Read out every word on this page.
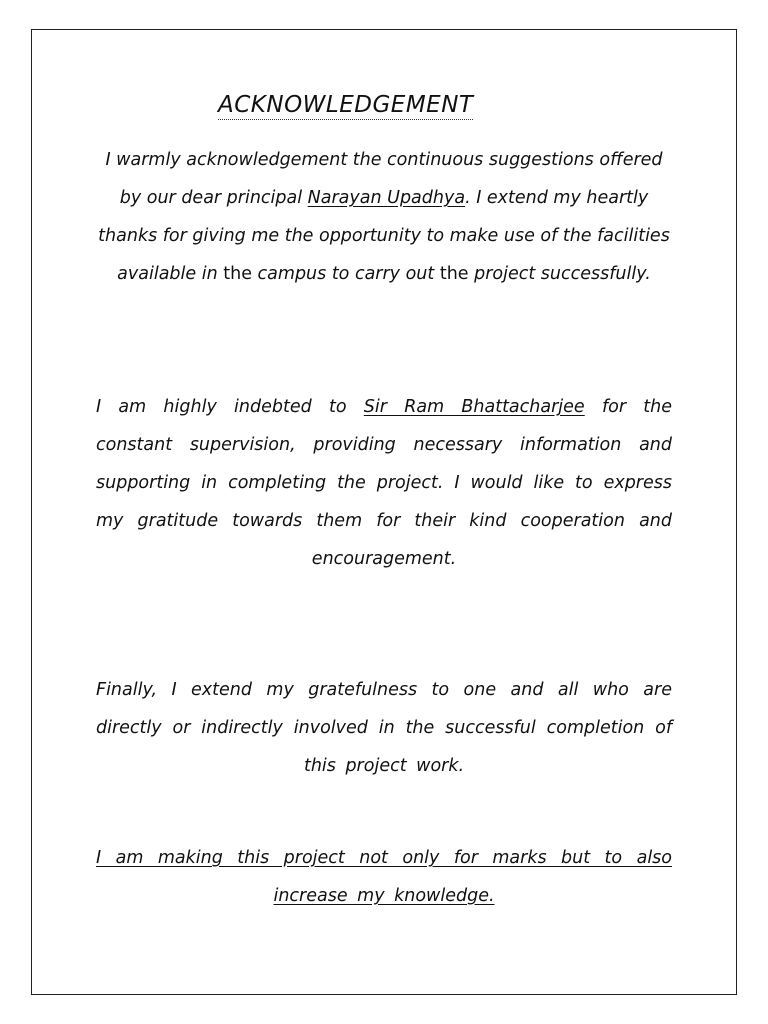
ACKNOWLEDGEMENT

I warmly acknowledgement the continuous suggestions offered by our dear principal Narayan Upadhya. I extend my heartly thanks for giving me the opportunity to make use of the facilities available in the campus to carry out the project successfully.

I am highly indebted to Sir Ram Bhattacharjee for the constant supervision, providing necessary information and supporting in completing the project. I would like to express my gratitude towards them for their kind cooperation and encouragement.

Finally, I extend my gratefulness to one and all who are directly or indirectly involved in the successful completion of this project work.

I am making this project not only for marks but to also increase my knowledge.
